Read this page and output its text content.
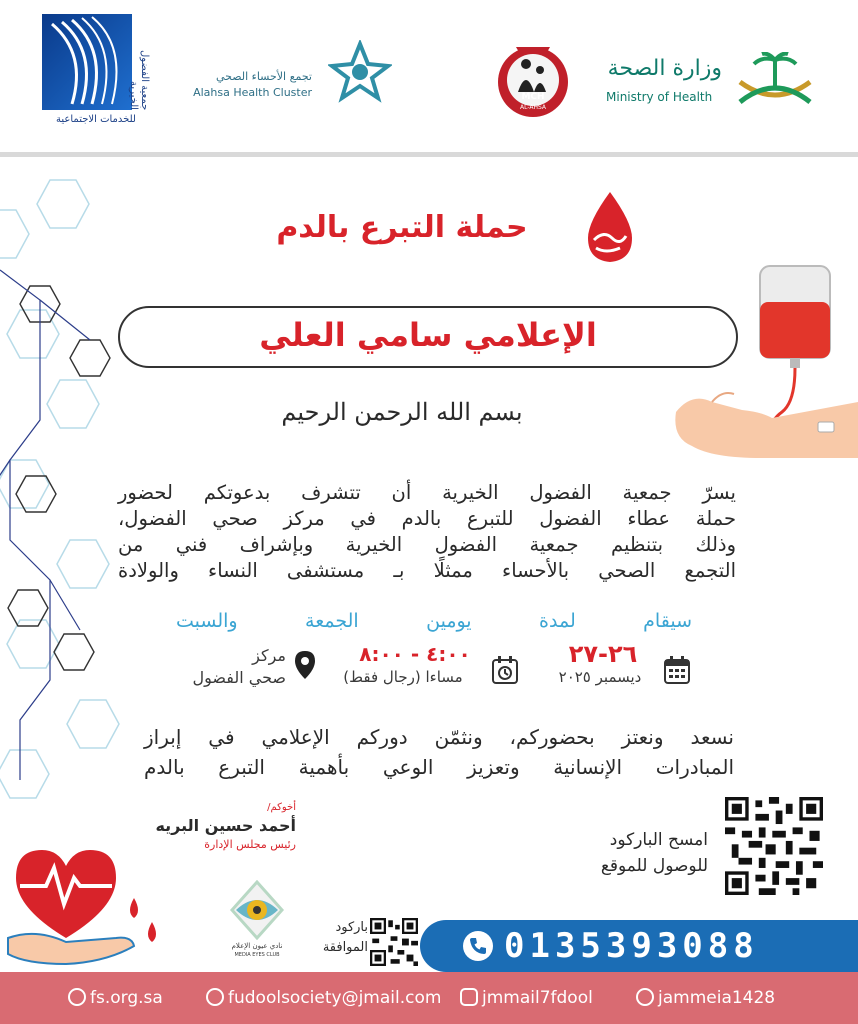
جمعية الفضول الخيرية
للخدمات الاجتماعية
تجمع الأحساء الصحي
Alahsa Health Cluster	MCH
AL-AHSA
وزارة الصحة
Ministry of Health
حملة التبرع بالدم
الإعلامي سامي العلي
بسم الله الرحمن الرحيم
يسرّ جمعية الفضول الخيرية أن تتشرف بدعوتكم لحضور
حملة عطاء الفضول للتبرع بالدم في مركز صحي الفضول،
وذلك بتنظيم جمعية الفضول الخيرية وبإشراف فني من
التجمع الصحي بالأحساء ممثلًا بـ مستشفى النساء والولادة
سيقام لمدة يومين الجمعة والسبت
٢٦-٢٧
ديسمبر ٢٠٢٥
٤:٠٠ - ٨:٠٠
مساءا (رجال فقط)
مركز
صحي الفضول
نسعد ونعتز بحضوركم، ونثمّن دوركم الإعلامي في إبراز
المبادرات الإنسانية وتعزيز الوعي بأهمية التبرع بالدم
أخوكم/
أحمد حسين البريه
رئيس مجلس الإدارة	امسح الباركود
للوصول للموقع
نادي عيون الإعلام
MEDIA EYES CLUB
باركود
الموافقة	0135393088
fs.org.sa	fudoolsociety@jmail.com	jmmail7fdool	jammeia1428
